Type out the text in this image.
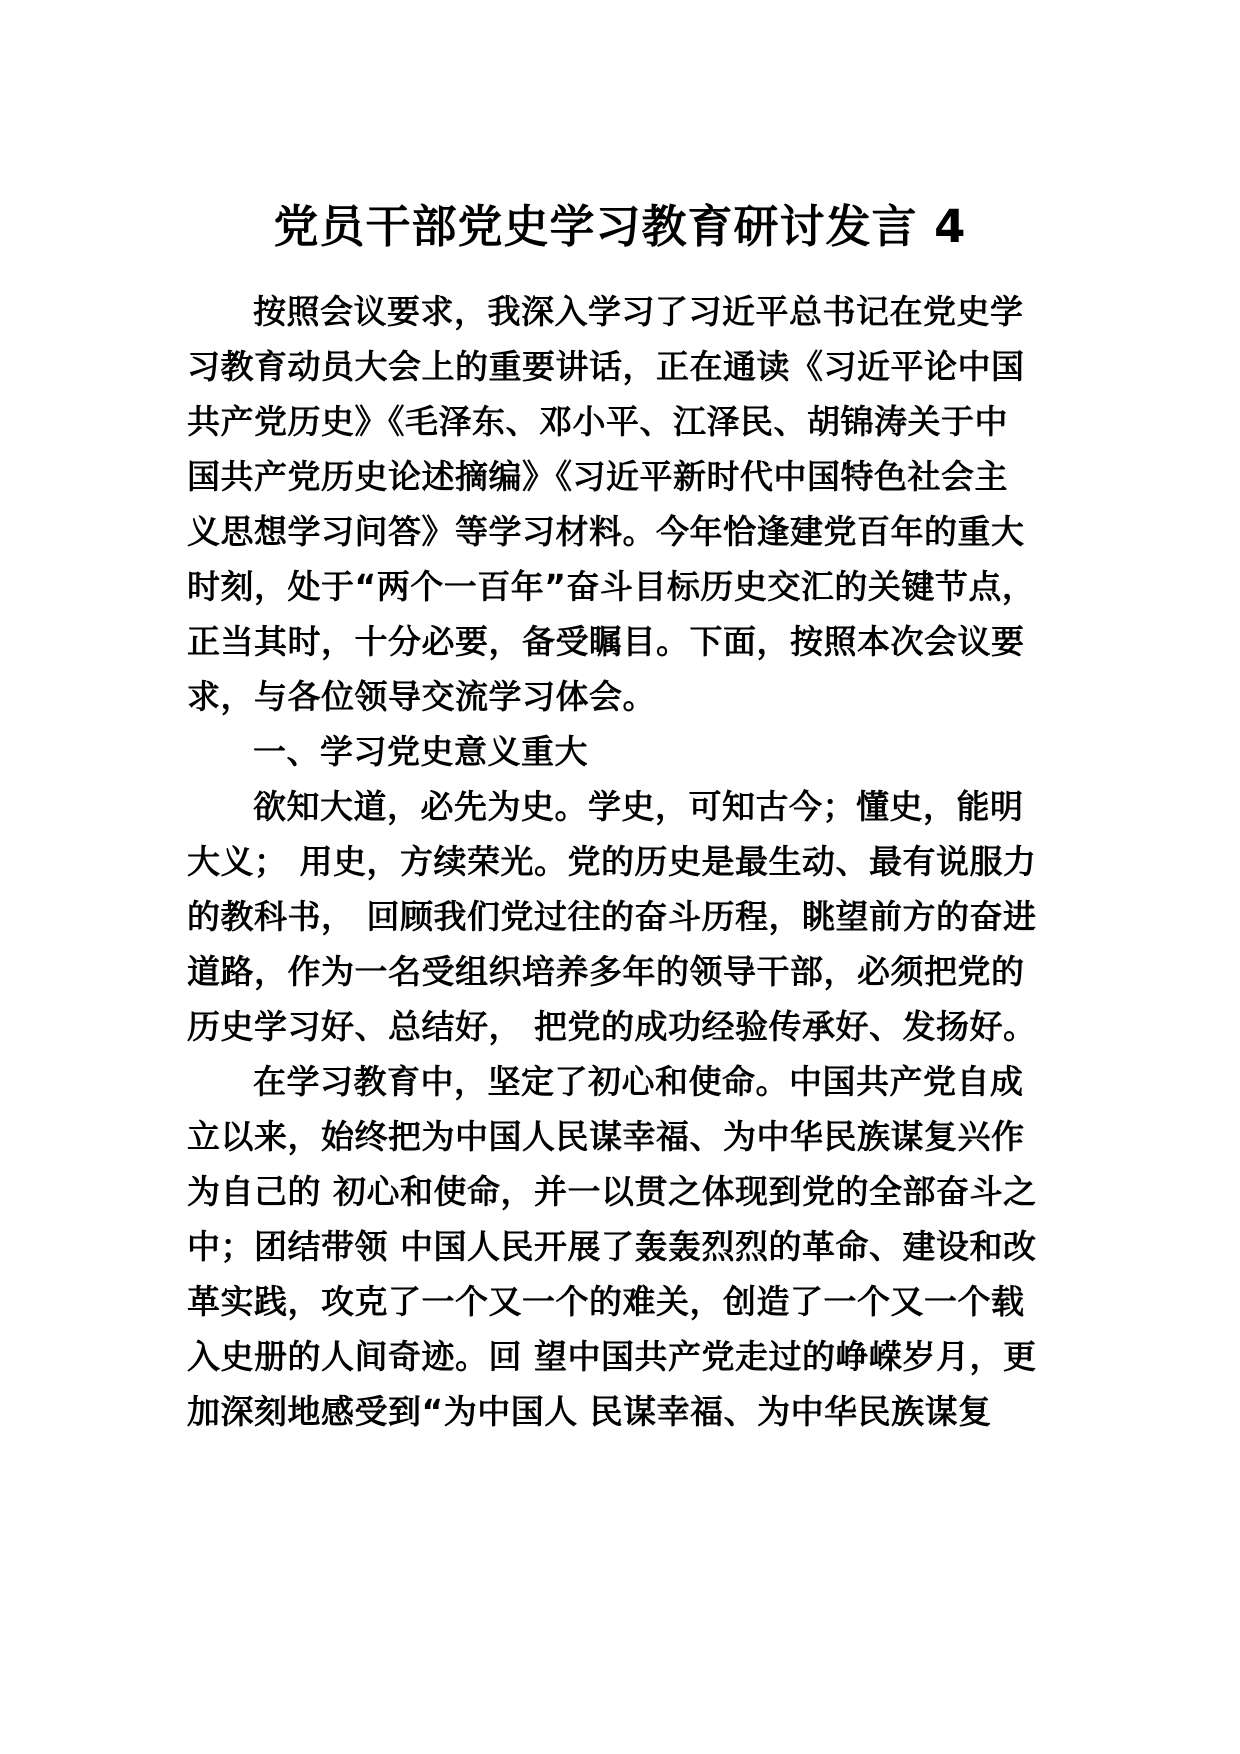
党员干部党史学习教育研讨发言 4
按照会议要求，我深入学习了习近平总书记在党史学
习教育动员大会上的重要讲话，正在通读《习近平论中国
共产党历史》《毛泽东、邓小平、江泽民、胡锦涛关于中
国共产党历史论述摘编》《习近平新时代中国特色社会主
义思想学习问答》等学习材料。今年恰逢建党百年的重大
时刻，处于“两个一百年”奋斗目标历史交汇的关键节点，
正当其时，十分必要，备受瞩目。下面，按照本次会议要
求，与各位领导交流学习体会。
一、学习党史意义重大
欲知大道，必先为史。学史，可知古今；懂史，能明
大义； 用史，方续荣光。党的历史是最生动、最有说服力
的教科书， 回顾我们党过往的奋斗历程，眺望前方的奋进
道路，作为一名受组织培养多年的领导干部，必须把党的
历史学习好、总结好， 把党的成功经验传承好、发扬好。
在学习教育中，坚定了初心和使命。中国共产党自成
立以来，始终把为中国人民谋幸福、为中华民族谋复兴作
为自己的 初心和使命，并一以贯之体现到党的全部奋斗之
中；团结带领 中国人民开展了轰轰烈烈的革命、建设和改
革实践，攻克了一个又一个的难关，创造了一个又一个载
入史册的人间奇迹。回 望中国共产党走过的峥嵘岁月，更
加深刻地感受到“为中国人 民谋幸福、为中华民族谋复
